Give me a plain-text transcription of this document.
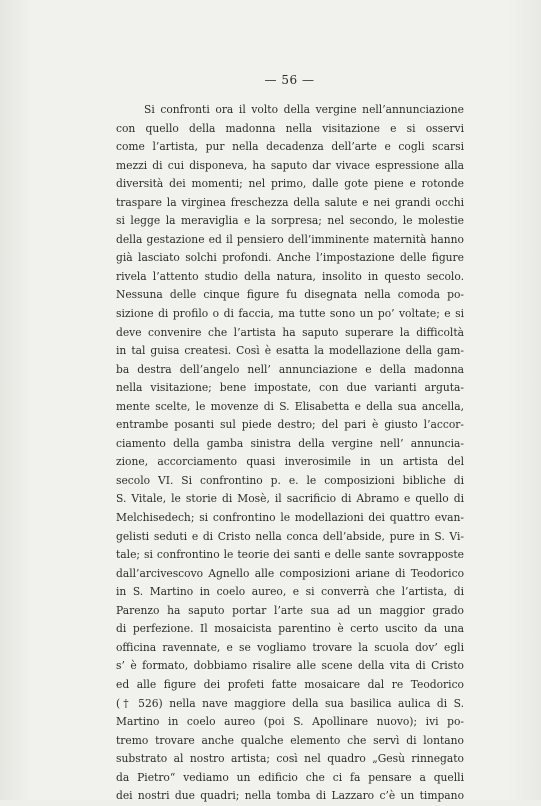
— 56 —
Si confronti ora il volto della vergine nell’annunciazione
con quello della madonna nella visitazione e si osservi
come l’artista, pur nella decadenza dell’arte e cogli scarsi
mezzi di cui disponeva, ha saputo dar vivace espressione alla
diversità dei momenti; nel primo, dalle gote piene e rotonde
traspare la virginea freschezza della salute e nei grandi occhi
si legge la meraviglia e la sorpresa; nel secondo, le molestie
della gestazione ed il pensiero dell’imminente maternità hanno
già lasciato solchi profondi. Anche l’impostazione delle figure
rivela l’attento studio della natura, insolito in questo secolo.
Nessuna delle cinque figure fu disegnata nella comoda po-
sizione di profilo o di faccia, ma tutte sono un po’ voltate; e si
deve convenire che l’artista ha saputo superare la difficoltà
in tal guisa createsi. Così è esatta la modellazione della gam-
ba destra dell’angelo nell’ annunciazione e della madonna
nella visitazione; bene impostate, con due varianti arguta-
mente scelte, le movenze di S. Elisabetta e della sua ancella,
entrambe posanti sul piede destro; del pari è giusto l’accor-
ciamento della gamba sinistra della vergine nell’ annuncia-
zione, accorciamento quasi inverosimile in un artista del
secolo VI. Si confrontino p. e. le composizioni bibliche di
S. Vitale, le storie di Mosè, il sacrificio di Abramo e quello di
Melchisedech; si confrontino le modellazioni dei quattro evan-
gelisti seduti e di Cristo nella conca dell’abside, pure in S. Vi-
tale; si confrontino le teorie dei santi e delle sante sovrapposte
dall’arcivescovo Agnello alle composizioni ariane di Teodorico
in S. Martino in coelo aureo, e si converrà che l’artista, di
Parenzo ha saputo portar l’arte sua ad un maggior grado
di perfezione. Il mosaicista parentino è certo uscito da una
officina ravennate, e se vogliamo trovare la scuola dov’ egli
s’ è formato, dobbiamo risalire alle scene della vita di Cristo
ed alle figure dei profeti fatte mosaicare dal re Teodorico
(† 526) nella nave maggiore della sua basilica aulica di S.
Martino in coelo aureo (poi S. Apollinare nuovo); ivi po-
tremo trovare anche qualche elemento che servì di lontano
substrato al nostro artista; così nel quadro „Gesù rinnegato
da Pietro“ vediamo un edificio che ci fa pensare a quelli
dei nostri due quadri; nella tomba di Lazzaro c’è un timpano
